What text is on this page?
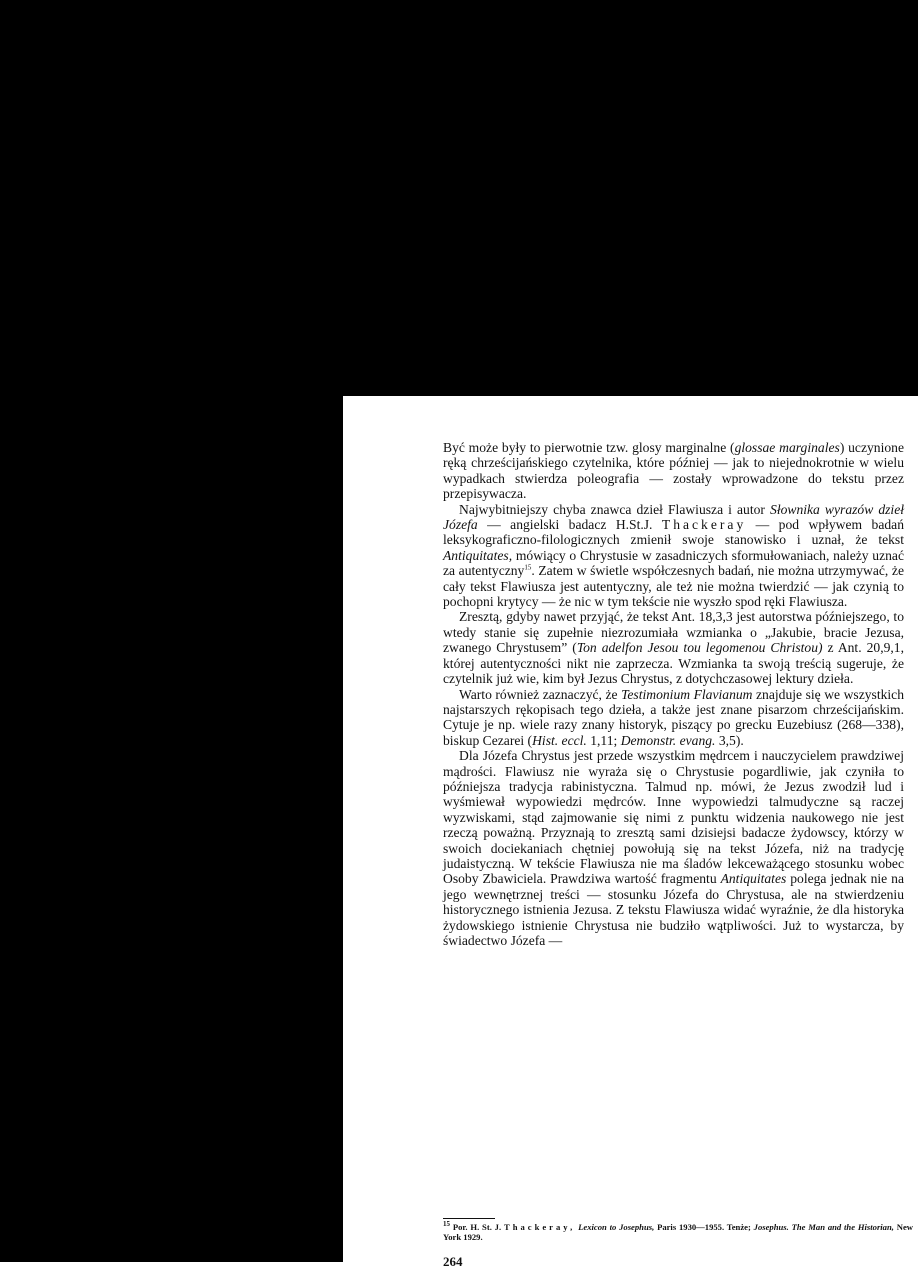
Być może były to pierwotnie tzw. glosy marginalne (glossae marginales) uczynione ręką chrześcijańskiego czytelnika, które później — jak to niejednokrotnie w wielu wypadkach stwierdza poleografia — zostały wprowadzone do tekstu przez przepisywacza.

Najwybitniejszy chyba znawca dzieł Flawiusza i autor Słownika wyrazów dzieł Józefa — angielski badacz H.St.J. Thackeray — pod wpływem badań leksykograficzno-filologicznych zmienił swoje stanowisko i uznał, że tekst Antiquitates, mówiący o Chrystusie w zasadniczych sformułowaniach, należy uznać za autentyczny$^{15}$. Zatem w świetle współczesnych badań, nie można utrzymywać, że cały tekst Flawiusza jest autentyczny, ale też nie można twierdzić — jak czynią to pochopni krytycy — że nic w tym tekście nie wyszło spod ręki Flawiusza.

Zresztą, gdyby nawet przyjąć, że tekst Ant. 18,3,3 jest autorstwa późniejszego, to wtedy stanie się zupełnie niezrozumiała wzmianka o „Jakubie, bracie Jezusa, zwanego Chrystusem” (Ton adelfon Jesou tou legomenou Christou) z Ant. 20,9,1, której autentyczności nikt nie zaprzecza. Wzmianka ta swoją treścią sugeruje, że czytelnik już wie, kim był Jezus Chrystus, z dotychczasowej lektury dzieła.

Warto również zaznaczyć, że Testimonium Flavianum znajduje się we wszystkich najstarszych rękopisach tego dzieła, a także jest znane pisarzom chrześcijańskim. Cytuje je np. wiele razy znany historyk, piszący po grecku Euzebiusz (268—338), biskup Cezarei (Hist. eccl. 1,11; Demonstr. evang. 3,5).

Dla Józefa Chrystus jest przede wszystkim mędrcem i nauczycielem prawdziwej mądrości. Flawiusz nie wyraża się o Chrystusie pogardliwie, jak czyniła to późniejsza tradycja rabinistyczna. Talmud np. mówi, że Jezus zwodził lud i wyśmiewał wypowiedzi mędrców. Inne wypowiedzi talmudyczne są raczej wyzwiskami, stąd zajmowanie się nimi z punktu widzenia naukowego nie jest rzeczą poważną. Przyznają to zresztą sami dzisiejsi badacze żydowscy, którzy w swoich dociekaniach chętniej powołują się na tekst Józefa, niż na tradycję judaistyczną. W tekście Flawiusza nie ma śladów lekceważącego stosunku wobec Osoby Zbawiciela. Prawdziwa wartość fragmentu Antiquitates polega jednak nie na jego wewnętrznej treści — stosunku Józefa do Chrystusa, ale na stwierdzeniu historycznego istnienia Jezusa. Z tekstu Flawiusza widać wyraźnie, że dla historyka żydowskiego istnienie Chrystusa nie budziło wątpliwości. Już to wystarcza, by świadectwo Józefa —

$^{15}$ Por. H. St. J. Thackeray, Lexicon to Josephus, Paris 1930—1955. Tenże; Josephus. The Man and the Historian, New York 1929.
264
